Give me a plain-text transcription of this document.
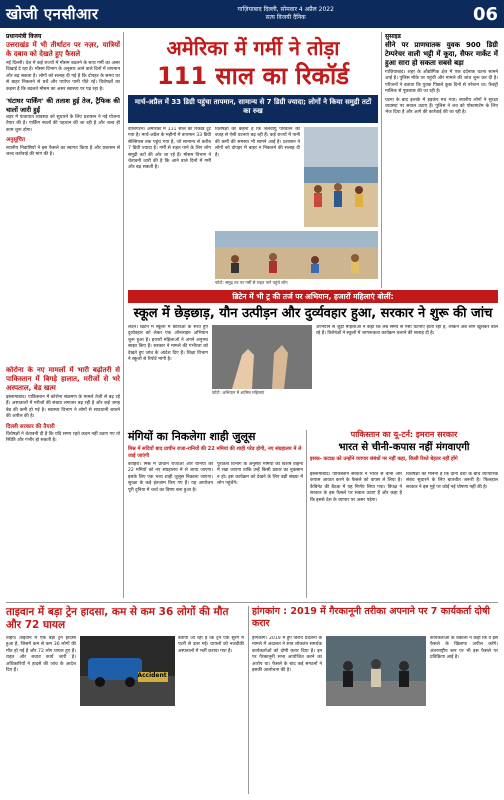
खोजी एनसीआर	गाज़ियाबाद दिल्ली, सोमवार 4 अप्रैल 2022
सत्य विजयी दैनिक	06
प्रधानमंत्री विजय
उत्तराखंड में भी तीर्थाटन पर नज़र, यात्रियों के दबाव को देखते हुए फैसले

नई दिल्ली। देश में कई राज्यों में मौसम बदलने के साथ गर्मी का असर दिखाई दे रहा है। मौसम विभाग के अनुसार आने वाले दिनों में तापमान और बढ़ सकता है। लोगों को सलाह दी गई है कि दोपहर के समय घर से बाहर निकलने से बचें और पर्याप्त पानी पीते रहें। विशेषज्ञों का कहना है कि बदलते मौसम का असर स्वास्थ्य पर पड़ रहा है।

'घंटाघर पार्किंग' की तलाश हुई तेज, ट्रैफिक की चालों जारी हुईं

शहर में यातायात व्यवस्था को सुधारने के लिए प्रशासन ने नई योजना तैयार की है। पार्किंग स्थलों की पहचान की जा रही है और जल्द ही काम शुरू होगा।

अनुसूचित

स्थानीय निवासियों ने इस फैसले का स्वागत किया है और प्रशासन से जल्द कार्रवाई की मांग की है।

कोरोना के नए मामलों में भारी बढ़ोतरी से पाकिस्तान में बिगड़े हालात, मरीजों से भरे अस्पताल, बेड खत्म

इस्लामाबाद। पाकिस्तान में कोरोना संक्रमण के मामले तेजी से बढ़ रहे हैं। अस्पतालों में मरीजों की संख्या लगातार बढ़ रही है और कई जगह बेड की कमी हो गई है। स्वास्थ्य विभाग ने लोगों से सावधानी बरतने की अपील की है।

दिल्ली सरकार की तैयारी

विशेषज्ञों ने चेतावनी दी है कि यदि समय रहते कदम नहीं उठाए गए तो स्थिति और गंभीर हो सकती है।

अमेरिका में गर्मी ने तोड़ा
111 साल का रिकॉर्ड
मार्च-अप्रैल में 33 डिग्री पहुंचा तापमान, सामान्य से 7 डिग्री ज्यादा; लोगों ने किया समुद्री तटों का रुख

वॉशिंगटन। अमेरिका में 111 साल का रिकॉर्ड टूट गया है। मार्च-अप्रैल के महीनों में तापमान 33 डिग्री सेल्सियस तक पहुंच गया है, जो सामान्य से करीब 7 डिग्री ज्यादा है। गर्मी से राहत पाने के लिए लोग समुद्री तटों की ओर जा रहे हैं। मौसम विभाग ने चेतावनी जारी की है कि आने वाले दिनों में गर्मी और बढ़ सकती है।

विशेषज्ञों का कहना है कि जलवायु परिवर्तन की वजह से ऐसी घटनाएं बढ़ रही हैं। कई राज्यों में पानी की कमी की समस्या भी सामने आई है। प्रशासन ने लोगों को दोपहर में बाहर न निकलने की सलाह दी है।

फोटो: समुद्र तट पर गर्मी से राहत पाने पहुंचे लोग
सुसाइड
सीने पर प्राणघातक युवक 900 डिग्री टेम्परेचर वाली भट्टी में कूदा, सैफर मार्केट में हुआ सारा हो सकता सबसे बड़ा

गाज़ियाबाद। शहर के औद्योगिक क्षेत्र में एक दर्दनाक घटना सामने आई है। पुलिस मौके पर पहुंची और मामले की जांच शुरू कर दी है। परिजनों ने बताया कि युवक पिछले कुछ दिनों से परेशान था। फैक्ट्री मालिक से पूछताछ की जा रही है।

घटना के बाद इलाके में हड़कंप मच गया। स्थानीय लोगों ने सुरक्षा व्यवस्था पर सवाल उठाए हैं। पुलिस ने शव को पोस्टमार्टम के लिए भेज दिया है और आगे की कार्रवाई की जा रही है।

ब्रिटेन में भी ट्र की तर्ज पर अभियान, हजारों महिलाएं बोलीं:
स्कूल में छेड़छाड़, यौन उत्पीड़न और दुर्व्यवहार हुआ, सरकार ने शुरू की जांच

लंदन। ब्रिटेन में स्कूलों में छात्राओं के साथ हुए दुर्व्यवहार को लेकर एक ऑनलाइन अभियान शुरू हुआ है। हजारों महिलाओं ने अपने अनुभव साझा किए हैं। सरकार ने मामले की गंभीरता को देखते हुए जांच के आदेश दिए हैं। शिक्षा विभाग ने स्कूलों से रिपोर्ट मांगी है।

फोटो: अभियान में शामिल महिलाएं

अभियान से जुड़ी महिलाओं ने कहा कि लंबे समय से ऐसी घटनाएं होती रही हैं, लेकिन अब लोग खुलकर बोल रहे हैं। विशेषज्ञों ने स्कूलों में जागरूकता कार्यक्रम चलाने की सलाह दी है।

मंगियों का निकलेगा शाही जुलूस
मिस्र में सदियों बाद प्राचीन राजा-रानियों की 22 ममियां की शाही परेड होगी, नए संग्रहालय में ले जाई जाएंगी

काहिरा। मिस्र में प्राचीन राजाओं और रानियों की 22 ममियों को नए संग्रहालय में ले जाया जाएगा। इसके लिए एक भव्य शाही जुलूस निकाला जाएगा। सुरक्षा के कड़े इंतजाम किए गए हैं। यह आयोजन पूरी दुनिया में चर्चा का विषय बना हुआ है।

पुरातत्व विभाग के अनुसार ममियों को विशेष वाहनों में रखा जाएगा ताकि उन्हें किसी प्रकार का नुकसान न हो। इस कार्यक्रम को देखने के लिए बड़ी संख्या में लोग पहुंचेंगे।

पाकिस्तान का यू-टर्न: इमरान सरकार
भारत से चीनी-कपास नहीं मंगवाएगी
इसक- कटाक्ष को उन्होंने व्यापार संबंधों पर नहीं कहा, किसी रिश्ते बेहतर नहीं होंगे

इस्लामाबाद। पाकिस्तान सरकार ने भारत से चीनी और कपास आयात करने के फैसले को वापस ले लिया है। कैबिनेट की बैठक में यह निर्णय लिया गया। विपक्ष ने सरकार के इस फैसले पर सवाल उठाए हैं और कहा है कि इससे देश के व्यापार पर असर पड़ेगा।

विशेषज्ञों का मानना है कि दोनों देशों के बीच व्यापारिक संबंध सुधारने के लिए बातचीत जरूरी है। फिलहाल सरकार ने इस मुद्दे पर कोई नई घोषणा नहीं की है।

ताइवान में बड़ा ट्रेन हादसा, कम से कम 36 लोगों की मौत और 72 घायल

ताइपे। ताइवान में एक बड़ा ट्रेन हादसा हुआ है, जिसमें कम से कम 36 लोगों की मौत हो गई है और 72 लोग घायल हुए हैं। राहत और बचाव कार्य जारी है। अधिकारियों ने हादसे की जांच के आदेश दिए हैं।

Accident

बताया जा रहा है कि ट्रेन एक सुरंग में पटरी से उतर गई। घायलों को नजदीकी अस्पतालों में भर्ती कराया गया है।

हांगकांग : 2019 में गैरकानूनी तरीका अपनाने पर 7 कार्यकर्ता दोषी करार

हांगकांग। 2019 में हुए विरोध प्रदर्शनों के मामले में अदालत ने सात लोकतंत्र समर्थक कार्यकर्ताओं को दोषी करार दिया है। इन पर गैरकानूनी सभा आयोजित करने का आरोप था। फैसले के बाद कई संगठनों ने इसकी आलोचना की है।

कार्यकर्ताओं के वकीलों ने कहा कि वे इस फैसले के खिलाफ अपील करेंगे। अंतरराष्ट्रीय स्तर पर भी इस फैसले पर प्रतिक्रिया आई है।
